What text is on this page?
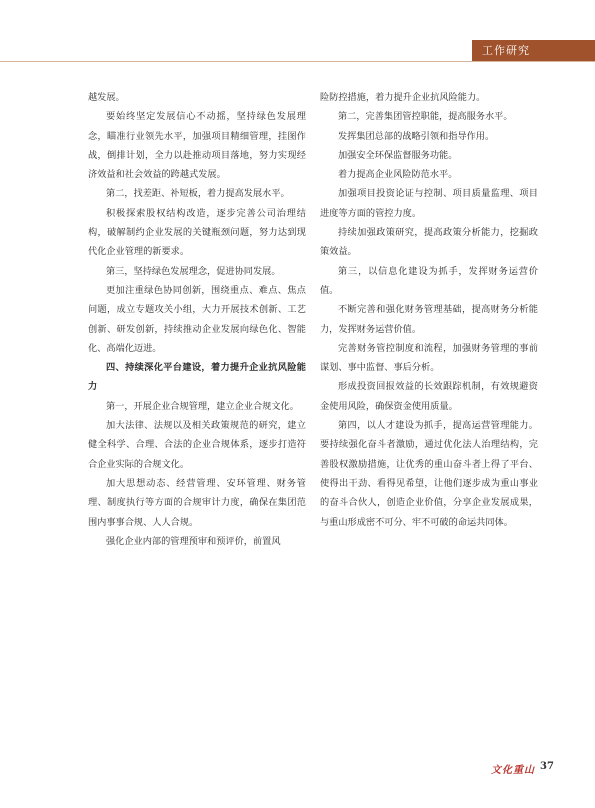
工作研究

越发展。

要始终坚定发展信心不动摇，坚持绿色发展理念，瞄准行业领先水平，加强项目精细管理，挂图作战，倒排计划，全力以赴推动项目落地，努力实现经济效益和社会效益的跨越式发展。

第二，找差距、补短板，着力提高发展水平。

积极探索股权结构改造，逐步完善公司治理结构，破解制约企业发展的关键瓶颈问题，努力达到现代化企业管理的新要求。

第三，坚持绿色发展理念，促进协同发展。

更加注重绿色协同创新，围绕重点、难点、焦点问题，成立专题攻关小组，大力开展技术创新、工艺创新、研发创新，持续推动企业发展向绿色化、智能化、高端化迈进。

四、持续深化平台建设，着力提升企业抗风险能力

第一，开展企业合规管理，建立企业合规文化。

加大法律、法规以及相关政策规范的研究，建立健全科学、合理、合法的企业合规体系，逐步打造符合企业实际的合规文化。

加大思想动态、经营管理、安环管理、财务管理、制度执行等方面的合规审计力度，确保在集团范围内事事合规、人人合规。

强化企业内部的管理预审和预评价，前置风

险防控措施，着力提升企业抗风险能力。

第二，完善集团管控职能，提高服务水平。

发挥集团总部的战略引领和指导作用。

加强安全环保监督服务功能。

着力提高企业风险防范水平。

加强项目投资论证与控制、项目质量监理、项目进度等方面的管控力度。

持续加强政策研究，提高政策分析能力，挖掘政策效益。

第三，以信息化建设为抓手，发挥财务运营价值。

不断完善和强化财务管理基础，提高财务分析能力，发挥财务运营价值。

完善财务管控制度和流程，加强财务管理的事前谋划、事中监督、事后分析。

形成投资回报效益的长效跟踪机制，有效规避资金使用风险，确保资金使用质量。

第四，以人才建设为抓手，提高运营管理能力。要持续强化奋斗者激励，通过优化法人治理结构，完善股权激励措施，让优秀的重山奋斗者上得了平台、使得出干劲、看得见希望，让他们逐步成为重山事业的奋斗合伙人，创造企业价值，分享企业发展成果，与重山形成密不可分、牢不可破的命运共同体。

文化重山 37
